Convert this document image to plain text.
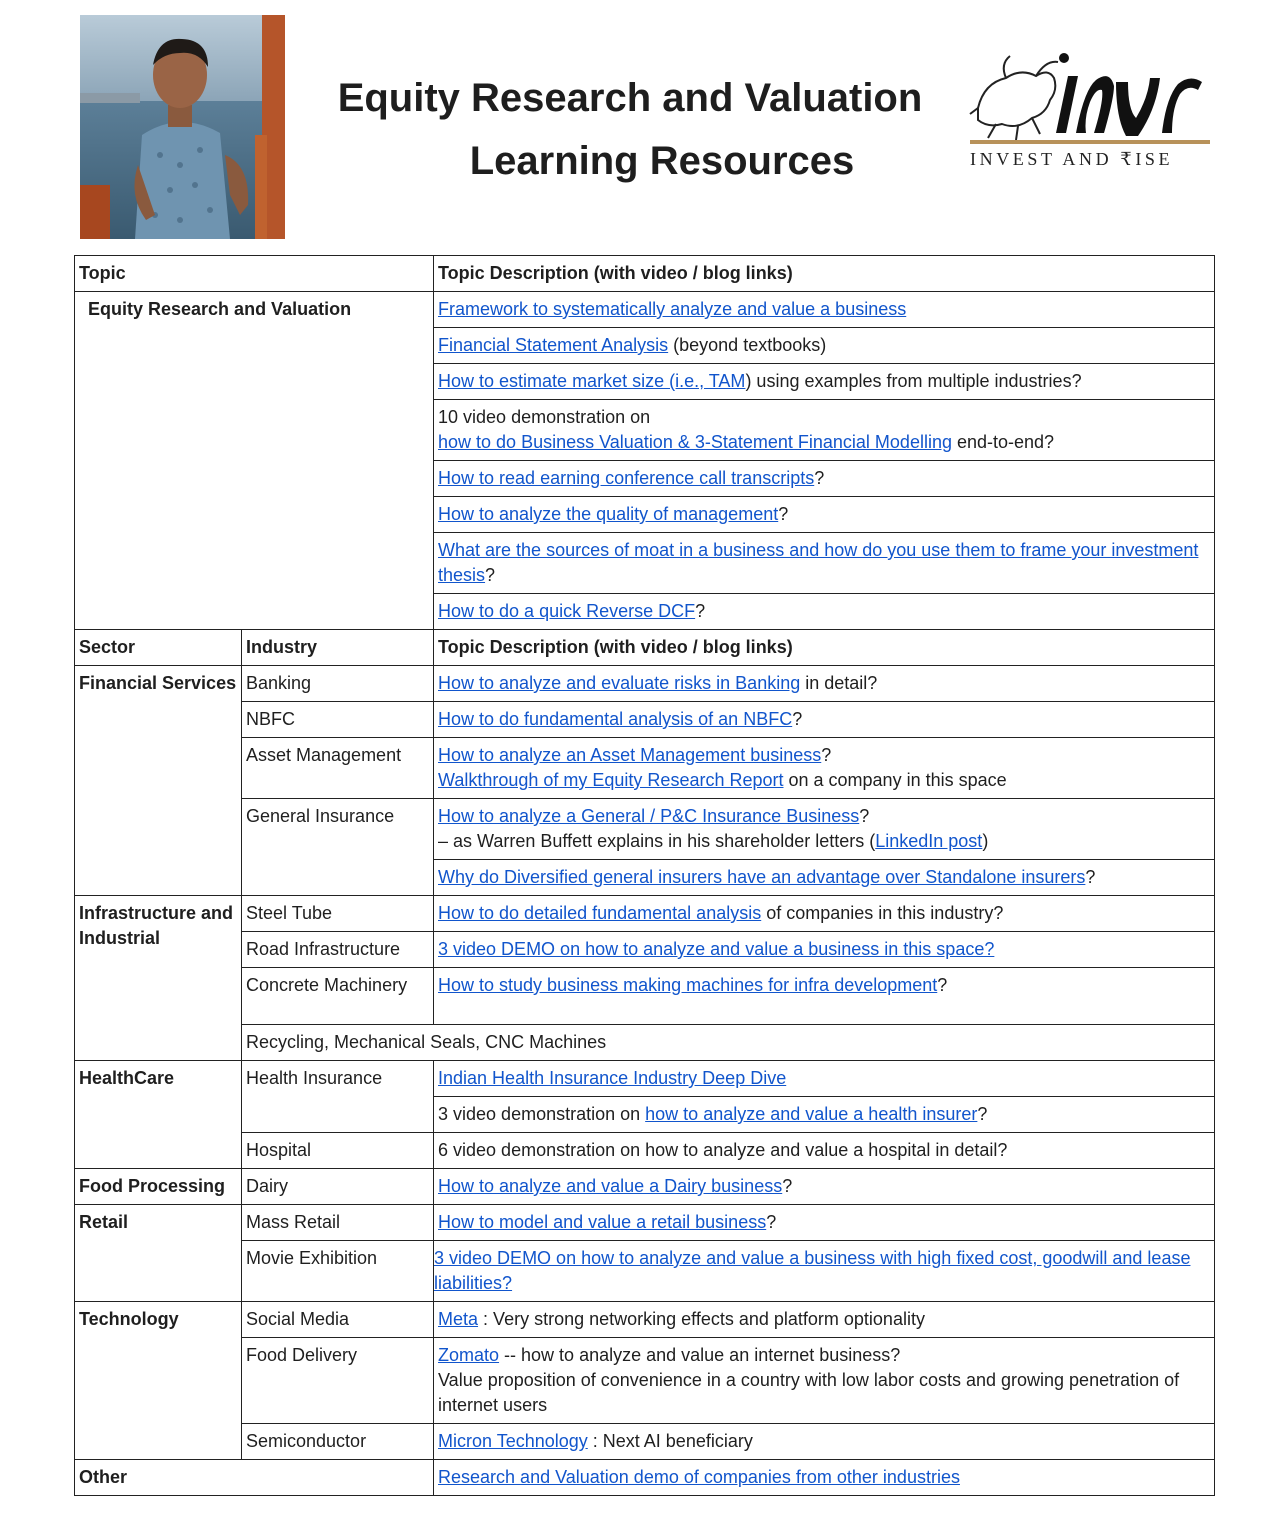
Equity Research and Valuation
Learning Resources	INVEST AND ₹ISE
Topic		Topic Description (with video / blog links)
Equity Research and Valuation		Framework to systematically analyze and value a business
		Financial Statement Analysis (beyond textbooks)
		How to estimate market size (i.e., TAM) using examples from multiple industries?
		10 video demonstration on
how to do Business Valuation & 3-Statement Financial Modelling end-to-end?
		How to read earning conference call transcripts?
		How to analyze the quality of management?
		What are the sources of moat in a business and how do you use them to frame your investment thesis?
		How to do a quick Reverse DCF?
Sector	Industry	Topic Description (with video / blog links)
Financial Services	Banking	How to analyze and evaluate risks in Banking in detail?
	NBFC	How to do fundamental analysis of an NBFC?
	Asset Management	How to analyze an Asset Management business?
Walkthrough of my Equity Research Report on a company in this space
	General Insurance	How to analyze a General / P&C Insurance Business?
– as Warren Buffett explains in his shareholder letters (LinkedIn post)
		Why do Diversified general insurers have an advantage over Standalone insurers?
Infrastructure and Industrial	Steel Tube	How to do detailed fundamental analysis of companies in this industry?
	Road Infrastructure	3 video DEMO on how to analyze and value a business in this space?
	Concrete Machinery	How to study business making machines for infra development?
	Recycling, Mechanical Seals, CNC Machines	
HealthCare	Health Insurance	Indian Health Insurance Industry Deep Dive
		3 video demonstration on how to analyze and value a health insurer?
	Hospital	6 video demonstration on how to analyze and value a hospital in detail?
Food Processing	Dairy	How to analyze and value a Dairy business?
Retail	Mass Retail	How to model and value a retail business?
	Movie Exhibition	3 video DEMO on how to analyze and value a business with high fixed cost, goodwill and lease liabilities?
Technology	Social Media	Meta : Very strong networking effects and platform optionality
	Food Delivery	Zomato -- how to analyze and value an internet business?
Value proposition of convenience in a country with low labor costs and growing penetration of internet users
	Semiconductor	Micron Technology : Next AI beneficiary
Other		Research and Valuation demo of companies from other industries
